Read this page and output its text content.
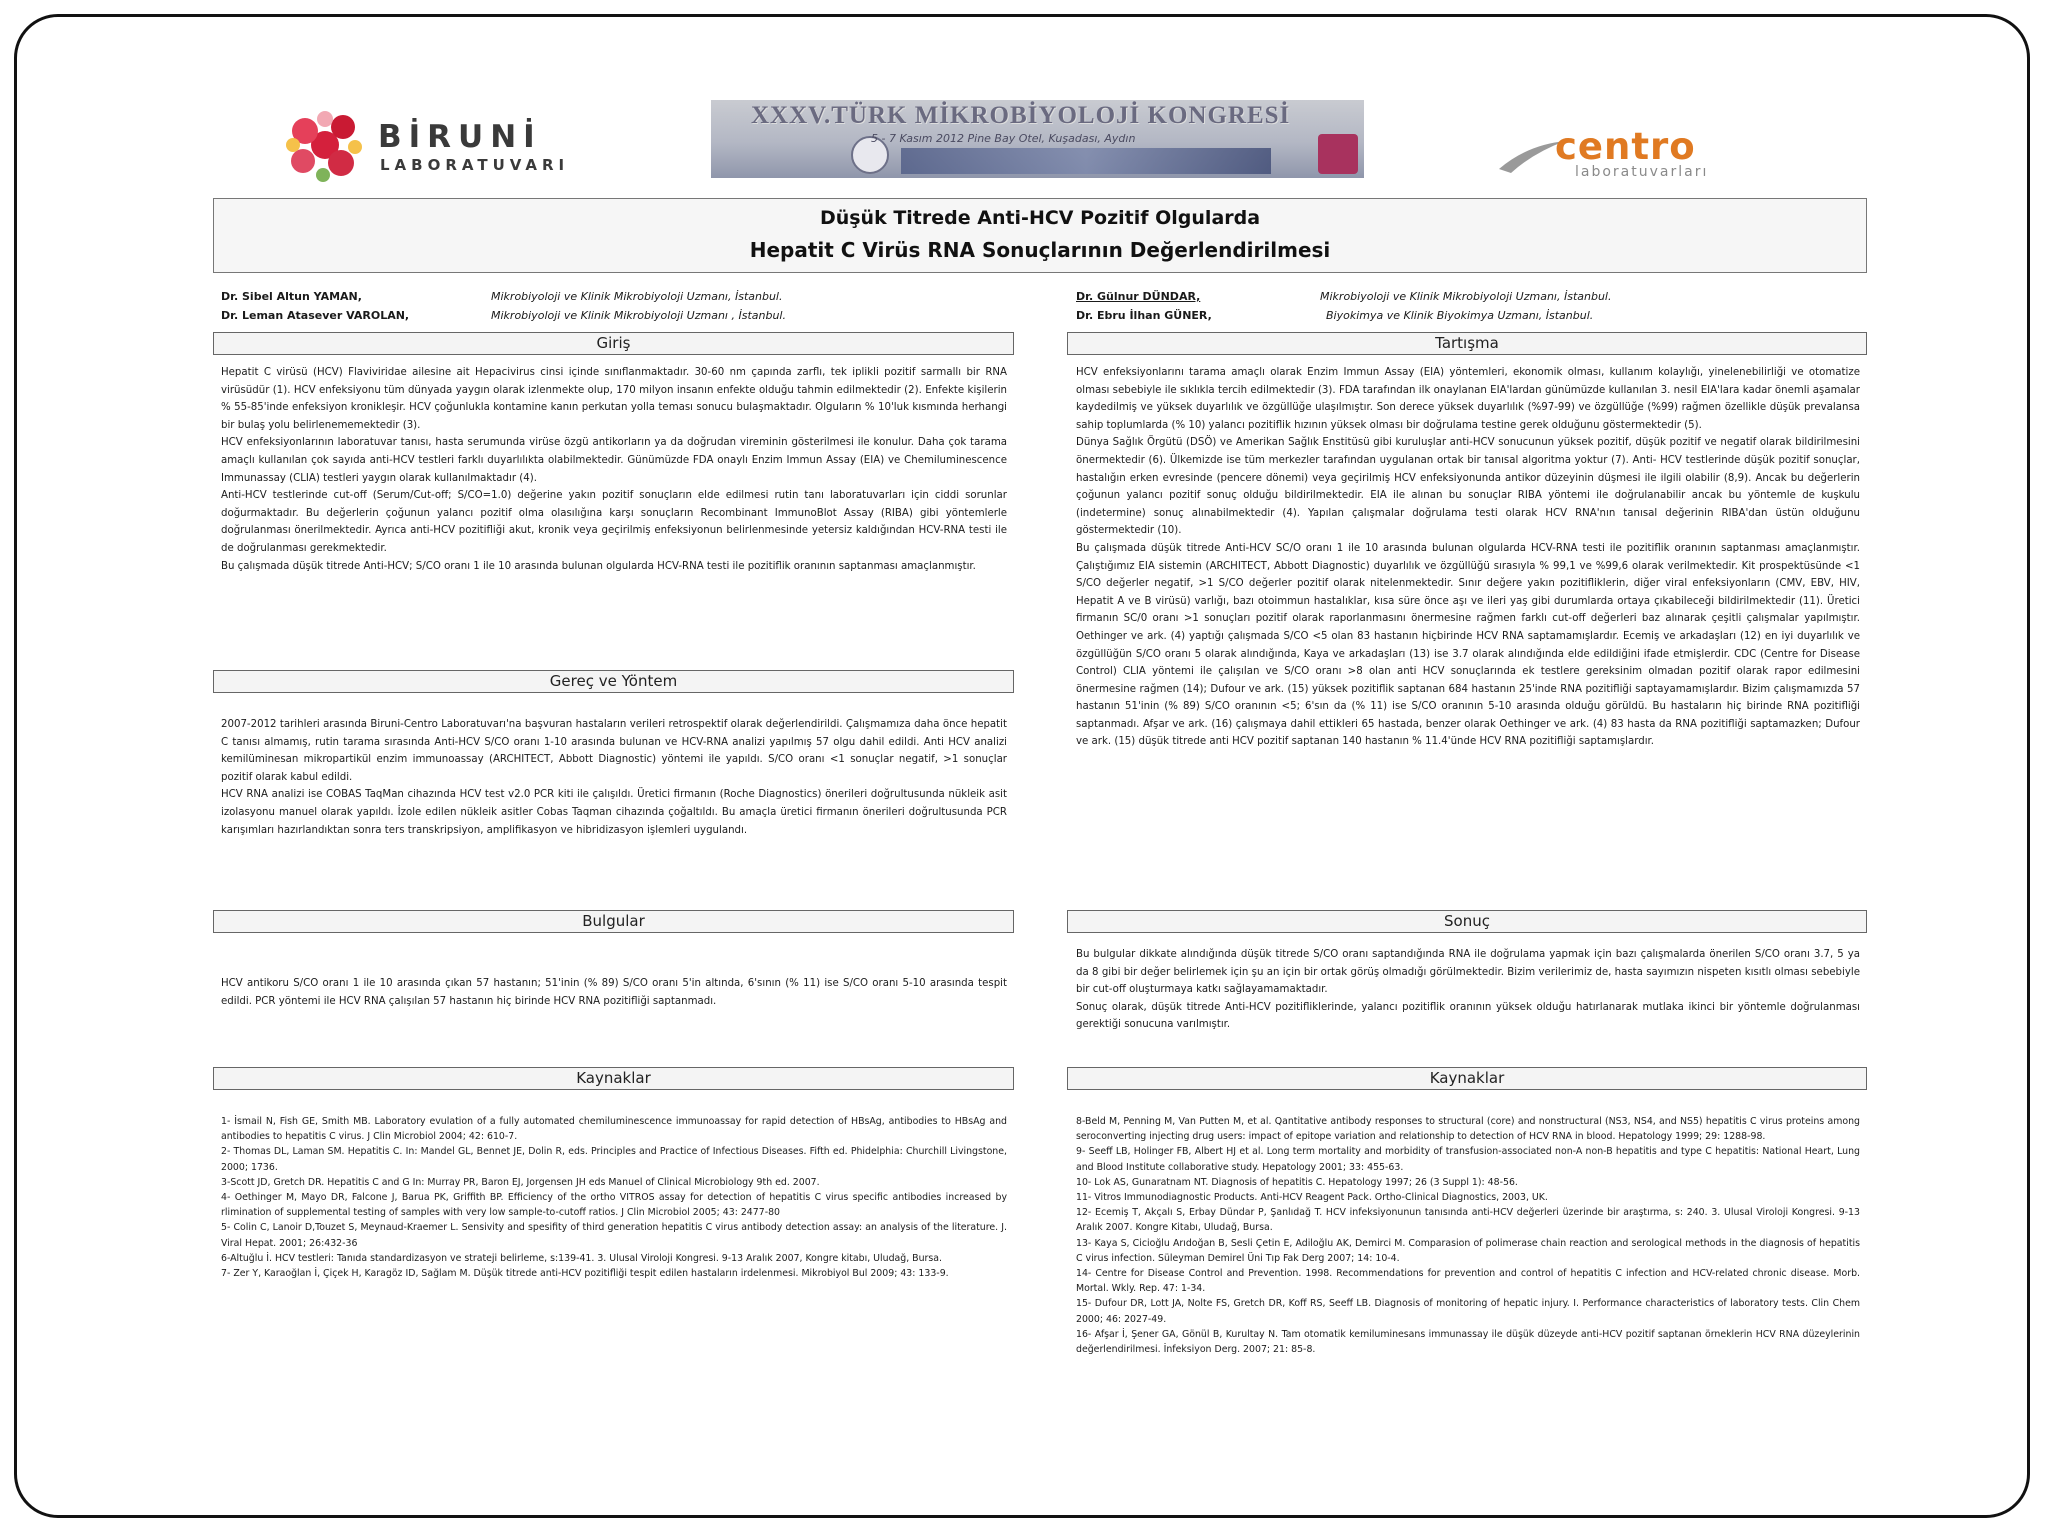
BİRUNİ
LABORATUVARI
XXXV.TÜRK MİKROBİYOLOJİ KONGRESİ
5 - 7 Kasım 2012 Pine Bay Otel, Kuşadası, Aydın	centro
laboratuvarları
Düşük Titrede Anti-HCV Pozitif Olgularda
Hepatit C Virüs RNA Sonuçlarının Değerlendirilmesi
Dr. Sibel Altun YAMAN,	Mikrobiyoloji ve Klinik Mikrobiyoloji Uzmanı, İstanbul.
Dr. Leman Atasever VAROLAN,	Mikrobiyoloji ve Klinik Mikrobiyoloji Uzmanı , İstanbul.
Dr. Gülnur DÜNDAR,	Mikrobiyoloji ve Klinik Mikrobiyoloji Uzmanı, İstanbul.
Dr. Ebru İlhan GÜNER,	Biyokimya ve Klinik Biyokimya Uzmanı, İstanbul.
Giriş

Hepatit C virüsü (HCV) Flaviviridae ailesine ait Hepacivirus cinsi içinde sınıflanmaktadır. 30-60 nm çapında zarflı, tek iplikli pozitif sarmallı bir RNA virüsüdür (1). HCV enfeksiyonu tüm dünyada yaygın olarak izlenmekte olup, 170 milyon insanın enfekte olduğu tahmin edilmektedir (2). Enfekte kişilerin % 55-85'inde enfeksiyon kronikleşir. HCV çoğunlukla kontamine kanın perkutan yolla teması sonucu bulaşmaktadır. Olguların % 10'luk kısmında herhangi bir bulaş yolu belirlenememektedir (3).

HCV enfeksiyonlarının laboratuvar tanısı, hasta serumunda virüse özgü antikorların ya da doğrudan vireminin gösterilmesi ile konulur. Daha çok tarama amaçlı kullanılan çok sayıda anti-HCV testleri farklı duyarlılıkta olabilmektedir. Günümüzde FDA onaylı Enzim Immun Assay (EIA) ve Chemiluminescence Immunassay (CLIA) testleri yaygın olarak kullanılmaktadır (4).

Anti-HCV testlerinde cut-off (Serum/Cut-off; S/CO=1.0) değerine yakın pozitif sonuçların elde edilmesi rutin tanı laboratuvarları için ciddi sorunlar doğurmaktadır. Bu değerlerin çoğunun yalancı pozitif olma olasılığına karşı sonuçların Recombinant ImmunoBlot Assay (RIBA) gibi yöntemlerle doğrulanması önerilmektedir. Ayrıca anti-HCV pozitifliği akut, kronik veya geçirilmiş enfeksiyonun belirlenmesinde yetersiz kaldığından HCV-RNA testi ile de doğrulanması gerekmektedir.

Bu çalışmada düşük titrede Anti-HCV; S/CO oranı 1 ile 10 arasında bulunan olgularda HCV-RNA testi ile pozitiflik oranının saptanması amaçlanmıştır.

Gereç ve Yöntem

2007-2012 tarihleri arasında Biruni-Centro Laboratuvarı'na başvuran hastaların verileri retrospektif olarak değerlendirildi. Çalışmamıza daha önce hepatit C tanısı almamış, rutin tarama sırasında Anti-HCV S/CO oranı 1-10 arasında bulunan ve HCV-RNA analizi yapılmış 57 olgu dahil edildi. Anti HCV analizi kemilüminesan mikropartikül enzim immunoassay (ARCHITECT, Abbott Diagnostic) yöntemi ile yapıldı. S/CO oranı <1 sonuçlar negatif, >1 sonuçlar pozitif olarak kabul edildi.

HCV RNA analizi ise COBAS TaqMan cihazında HCV test v2.0 PCR kiti ile çalışıldı. Üretici firmanın (Roche Diagnostics) önerileri doğrultusunda nükleik asit izolasyonu manuel olarak yapıldı. İzole edilen nükleik asitler Cobas Taqman cihazında çoğaltıldı. Bu amaçla üretici firmanın önerileri doğrultusunda PCR karışımları hazırlandıktan sonra ters transkripsiyon, amplifikasyon ve hibridizasyon işlemleri uygulandı.

Bulgular

HCV antikoru S/CO oranı 1 ile 10 arasında çıkan 57 hastanın; 51'inin (% 89) S/CO oranı 5'in altında, 6'sının (% 11) ise S/CO oranı 5-10 arasında tespit edildi. PCR yöntemi ile HCV RNA çalışılan 57 hastanın hiç birinde HCV RNA pozitifliği saptanmadı.

Kaynaklar

1- İsmail N, Fish GE, Smith MB. Laboratory evulation of a fully automated chemiluminescence immunoassay for rapid detection of HBsAg, antibodies to HBsAg and antibodies to hepatitis C virus. J Clin Microbiol 2004; 42: 610-7.

2- Thomas DL, Laman SM. Hepatitis C. In: Mandel GL, Bennet JE, Dolin R, eds. Principles and Practice of Infectious Diseases. Fifth ed. Phidelphia: Churchill Livingstone, 2000; 1736.

3-Scott JD, Gretch DR. Hepatitis C and G In: Murray PR, Baron EJ, Jorgensen JH eds Manuel of Clinical Microbiology 9th ed. 2007.

4- Oethinger M, Mayo DR, Falcone J, Barua PK, Griffith BP. Efficiency of the ortho VITROS assay for detection of hepatitis C virus specific antibodies increased by rlimination of supplemental testing of samples with very low sample-to-cutoff ratios. J Clin Microbiol 2005; 43: 2477-80

5- Colin C, Lanoir D,Touzet S, Meynaud-Kraemer L. Sensivity and spesifity of third generation hepatitis C virus antibody detection assay: an analysis of the literature. J. Viral Hepat. 2001; 26:432-36

6-Altuğlu İ. HCV testleri: Tanıda standardizasyon ve strateji belirleme, s:139-41. 3. Ulusal Viroloji Kongresi. 9-13 Aralık 2007, Kongre kitabı, Uludağ, Bursa.

7- Zer Y, Karaoğlan İ, Çiçek H, Karagöz ID, Sağlam M. Düşük titrede anti-HCV pozitifliği tespit edilen hastaların irdelenmesi. Mikrobiyol Bul 2009; 43: 133-9.

Tartışma

HCV enfeksiyonlarını tarama amaçlı olarak Enzim Immun Assay (EIA) yöntemleri, ekonomik olması, kullanım kolaylığı, yinelenebilirliği ve otomatize olması sebebiyle ile sıklıkla tercih edilmektedir (3). FDA tarafından ilk onaylanan EIA'lardan günümüzde kullanılan 3. nesil EIA'lara kadar önemli aşamalar kaydedilmiş ve yüksek duyarlılık ve özgüllüğe ulaşılmıştır. Son derece yüksek duyarlılık (%97-99) ve özgüllüğe (%99) rağmen özellikle düşük prevalansa sahip toplumlarda (% 10) yalancı pozitiflik hızının yüksek olması bir doğrulama testine gerek olduğunu göstermektedir (5).

Dünya Sağlık Örgütü (DSÖ) ve Amerikan Sağlık Enstitüsü gibi kuruluşlar anti-HCV sonucunun yüksek pozitif, düşük pozitif ve negatif olarak bildirilmesini önermektedir (6). Ülkemizde ise tüm merkezler tarafından uygulanan ortak bir tanısal algoritma yoktur (7). Anti- HCV testlerinde düşük pozitif sonuçlar, hastalığın erken evresinde (pencere dönemi) veya geçirilmiş HCV enfeksiyonunda antikor düzeyinin düşmesi ile ilgili olabilir (8,9). Ancak bu değerlerin çoğunun yalancı pozitif sonuç olduğu bildirilmektedir. EIA ile alınan bu sonuçlar RIBA yöntemi ile doğrulanabilir ancak bu yöntemle de kuşkulu (indetermine) sonuç alınabilmektedir (4). Yapılan çalışmalar doğrulama testi olarak HCV RNA'nın tanısal değerinin RIBA'dan üstün olduğunu göstermektedir (10).

Bu çalışmada düşük titrede Anti-HCV SC/O oranı 1 ile 10 arasında bulunan olgularda HCV-RNA testi ile pozitiflik oranının saptanması amaçlanmıştır. Çalıştığımız EIA sistemin (ARCHITECT, Abbott Diagnostic) duyarlılık ve özgüllüğü sırasıyla % 99,1 ve %99,6 olarak verilmektedir. Kit prospektüsünde <1 S/CO değerler negatif, >1 S/CO değerler pozitif olarak nitelenmektedir. Sınır değere yakın pozitifliklerin, diğer viral enfeksiyonların (CMV, EBV, HIV, Hepatit A ve B virüsü) varlığı, bazı otoimmun hastalıklar, kısa süre önce aşı ve ileri yaş gibi durumlarda ortaya çıkabileceği bildirilmektedir (11). Üretici firmanın SC/0 oranı >1 sonuçları pozitif olarak raporlanmasını önermesine rağmen farklı cut-off değerleri baz alınarak çeşitli çalışmalar yapılmıştır. Oethinger ve ark. (4) yaptığı çalışmada S/CO <5 olan 83 hastanın hiçbirinde HCV RNA saptamamışlardır. Ecemiş ve arkadaşları (12) en iyi duyarlılık ve özgüllüğün S/CO oranı 5 olarak alındığında, Kaya ve arkadaşları (13) ise 3.7 olarak alındığında elde edildiğini ifade etmişlerdir. CDC (Centre for Disease Control) CLIA yöntemi ile çalışılan ve S/CO oranı >8 olan anti HCV sonuçlarında ek testlere gereksinim olmadan pozitif olarak rapor edilmesini önermesine rağmen (14); Dufour ve ark. (15) yüksek pozitiflik saptanan 684 hastanın 25'inde RNA pozitifliği saptayamamışlardır. Bizim çalışmamızda 57 hastanın 51'inin (% 89) S/CO oranının <5; 6'sın da (% 11) ise S/CO oranının 5-10 arasında olduğu görüldü. Bu hastaların hiç birinde RNA pozitifliği saptanmadı. Afşar ve ark. (16) çalışmaya dahil ettikleri 65 hastada, benzer olarak Oethinger ve ark. (4) 83 hasta da RNA pozitifliği saptamazken; Dufour ve ark. (15) düşük titrede anti HCV pozitif saptanan 140 hastanın % 11.4'ünde HCV RNA pozitifliği saptamışlardır.

Sonuç

Bu bulgular dikkate alındığında düşük titrede S/CO oranı saptandığında RNA ile doğrulama yapmak için bazı çalışmalarda önerilen S/CO oranı 3.7, 5 ya da 8 gibi bir değer belirlemek için şu an için bir ortak görüş olmadığı görülmektedir. Bizim verilerimiz de, hasta sayımızın nispeten kısıtlı olması sebebiyle bir cut-off oluşturmaya katkı sağlayamamaktadır.

Sonuç olarak, düşük titrede Anti-HCV pozitifliklerinde, yalancı pozitiflik oranının yüksek olduğu hatırlanarak mutlaka ikinci bir yöntemle doğrulanması gerektiği sonucuna varılmıştır.

Kaynaklar

8-Beld M, Penning M, Van Putten M, et al. Qantitative antibody responses to structural (core) and nonstructural (NS3, NS4, and NS5) hepatitis C virus proteins among seroconverting injecting drug users: impact of epitope variation and relationship to detection of HCV RNA in blood. Hepatology 1999; 29: 1288-98.

9- Seeff LB, Holinger FB, Albert HJ et al. Long term mortality and morbidity of transfusion-associated non-A non-B hepatitis and type C hepatitis: National Heart, Lung and Blood Institute collaborative study. Hepatology 2001; 33: 455-63.

10- Lok AS, Gunaratnam NT. Diagnosis of hepatitis C. Hepatology 1997; 26 (3 Suppl 1): 48-56.

11- Vitros Immunodiagnostic Products. Anti-HCV Reagent Pack. Ortho-Clinical Diagnostics, 2003, UK.

12- Ecemiş T, Akçalı S, Erbay Dündar P, Şanlıdağ T. HCV infeksiyonunun tanısında anti-HCV değerleri üzerinde bir araştırma, s: 240. 3. Ulusal Viroloji Kongresi. 9-13 Aralık 2007. Kongre Kitabı, Uludağ, Bursa.

13- Kaya S, Cicioğlu Arıdoğan B, Sesli Çetin E, Adiloğlu AK, Demirci M. Comparasion of polimerase chain reaction and serological methods in the diagnosis of hepatitis C virus infection. Süleyman Demirel Üni Tıp Fak Derg 2007; 14: 10-4.

14- Centre for Disease Control and Prevention. 1998. Recommendations for prevention and control of hepatitis C infection and HCV-related chronic disease. Morb. Mortal. Wkly. Rep. 47: 1-34.

15- Dufour DR, Lott JA, Nolte FS, Gretch DR, Koff RS, Seeff LB. Diagnosis of monitoring of hepatic injury. I. Performance characteristics of laboratory tests. Clin Chem 2000; 46: 2027-49.

16- Afşar İ, Şener GA, Gönül B, Kurultay N. Tam otomatik kemiluminesans immunassay ile düşük düzeyde anti-HCV pozitif saptanan örneklerin HCV RNA düzeylerinin değerlendirilmesi. İnfeksiyon Derg. 2007; 21: 85-8.
